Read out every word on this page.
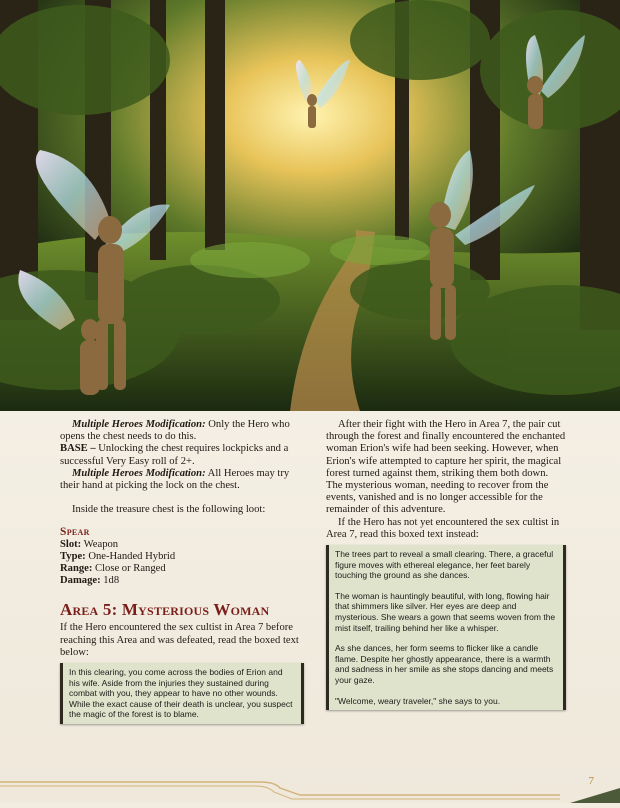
Multiple Heroes Modification: Only the Hero who opens the chest needs to do this.

BASE – Unlocking the chest requires lockpicks and a successful Very Easy roll of 2+.

Multiple Heroes Modification: All Heroes may try their hand at picking the lock on the chest.

Inside the treasure chest is the following loot:

Spear

Slot: Weapon

Type: One-Handed Hybrid

Range: Close or Ranged

Damage: 1d8

Area 5: Mysterious Woman

If the Hero encountered the sex cultist in Area 7 before reaching this Area and was defeated, read the boxed text below:

In this clearing, you come across the bodies of Erion and his wife. Aside from the injuries they sustained during combat with you, they appear to have no other wounds. While the exact cause of their death is unclear, you suspect the magic of the forest is to blame.

After their fight with the Hero in Area 7, the pair cut through the forest and finally encountered the enchanted woman Erion's wife had been seeking. However, when Erion's wife attempted to capture her spirit, the magical forest turned against them, striking them both down. The mysterious woman, needing to recover from the events, vanished and is no longer accessible for the remainder of this adventure.

If the Hero has not yet encountered the sex cultist in Area 7, read this boxed text instead:

The trees part to reveal a small clearing. There, a graceful figure moves with ethereal elegance, her feet barely touching the ground as she dances.

The woman is hauntingly beautiful, with long, flowing hair that shimmers like silver. Her eyes are deep and mysterious. She wears a gown that seems woven from the mist itself, trailing behind her like a whisper.

As she dances, her form seems to flicker like a candle flame. Despite her ghostly appearance, there is a warmth and sadness in her smile as she stops dancing and meets your gaze.

"Welcome, weary traveler," she says to you.

7
